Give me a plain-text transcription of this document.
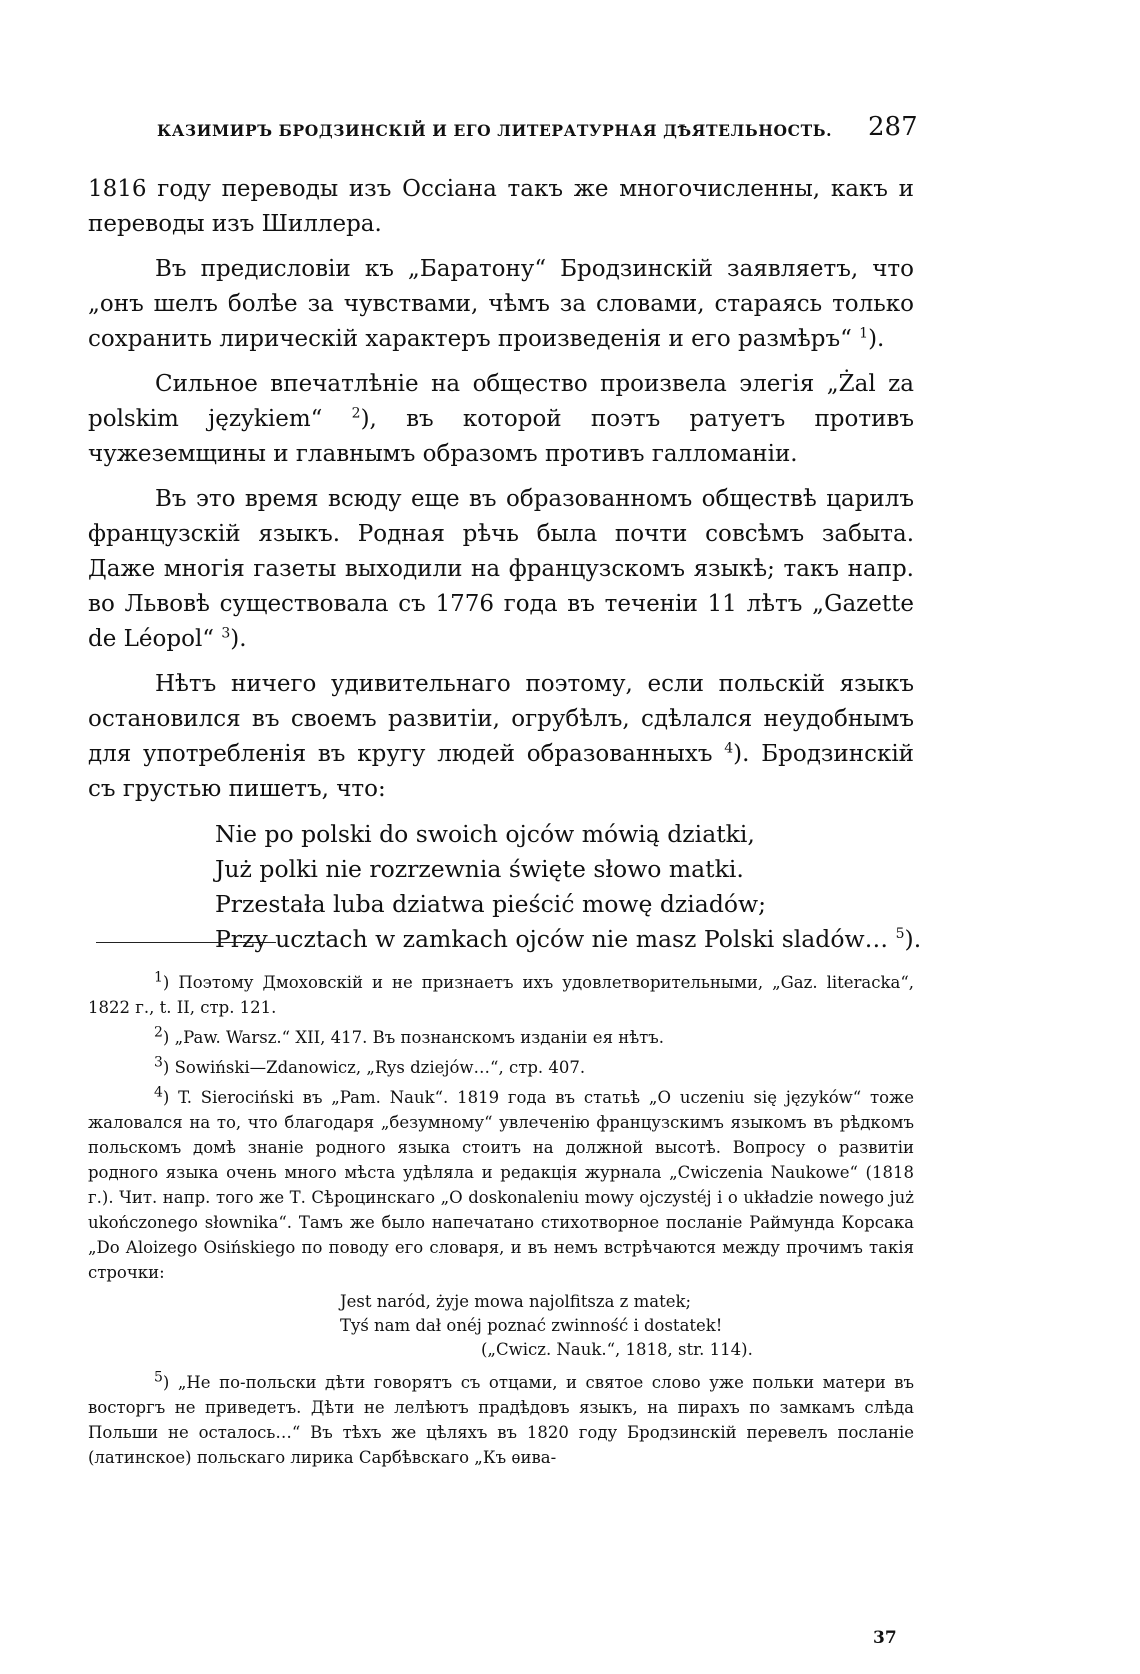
КАЗИМИРЪ БРОДЗИНСКІЙ И ЕГО ЛИТЕРАТУРНАЯ ДѢЯТЕЛЬНОСТЬ. 287

1816 году переводы изъ Оссіана такъ же многочисленны, какъ и переводы изъ Шиллера.

Въ предисловіи къ „Баратону“ Бродзинскій заявляетъ, что „онъ шелъ болѣе за чувствами, чѣмъ за словами, стараясь только сохранить лирическій характеръ произведенія и его размѣръ“ $^1$).

Сильное впечатлѣніе на общество произвела элегія „Żal za polskim językiem“ $^2$), въ которой поэтъ ратуетъ противъ чужеземщины и главнымъ образомъ противъ галломаніи.

Въ это время всюду еще въ образованномъ обществѣ царилъ французскій языкъ. Родная рѣчь была почти совсѣмъ забыта. Даже многія газеты выходили на французскомъ языкѣ; такъ напр. во Львовѣ существовала съ 1776 года въ теченіи 11 лѣтъ „Gazette de Léopol“ $^3$).

Нѣтъ ничего удивительнаго поэтому, если польскій языкъ остановился въ своемъ развитіи, огрубѣлъ, сдѣлался неудобнымъ для употребленія въ кругу людей образованныхъ $^4$). Бродзинскій съ грустью пишетъ, что:

Nie po polski do swoich ojców mówią dziatki,
Już polki nie rozrzewnia święte słowo matki.
Przestała luba dziatwa pieścić mowę dziadów;
Przy ucztach w zamkach ojców nie masz Polski sladów… $^5$).

$^1$) Поэтому Дмоховскій и не признаетъ ихъ удовлетворительными, „Gaz. literacka“, 1822 г., t. II, стр. 121.

$^2$) „Paw. Warsz.“ XII, 417. Въ познанскомъ изданіи ея нѣтъ.

$^3$) Sowiński—Zdanowicz, „Rys dziejów…“, стр. 407.

$^4$) T. Sierociński въ „Pam. Nauk“. 1819 года въ статьѣ „O uczeniu się języków“ тоже жаловался на то, что благодаря „безумному“ увлеченію французскимъ языкомъ въ рѣдкомъ польскомъ домѣ знаніе родного языка стоитъ на должной высотѣ. Вопросу о развитіи родного языка очень много мѣста удѣляла и редакція журнала „Cwiczenia Naukowe“ (1818 г.). Чит. напр. того же Т. Сѣроцинскаго „O doskonaleniu mowy ojczystéj i o układzie nowego już ukończonego słownika“. Тамъ же было напечатано стихотворное посланіе Раймунда Корсака „Do Aloizego Osińskiego по поводу его словаря, и въ немъ встрѣчаются между прочимъ такія строчки:

Jest naród, żyje mowa najolfitsza z matek;
Tyś nam dał onéj poznać zwinność i dostatek!
(„Cwicz. Nauk.“, 1818, str. 114).

$^5$) „Не по-польски дѣти говорятъ съ отцами, и святое слово уже польки матери въ восторгъ не приведетъ. Дѣти не лелѣютъ прадѣдовъ языкъ, на пирахъ по замкамъ слѣда Польши не осталось…“ Въ тѣхъ же цѣляхъ въ 1820 году Бродзинскій перевелъ посланіе (латинское) польскаго лирика Сарбѣвскаго „Къ ѳива-

37
